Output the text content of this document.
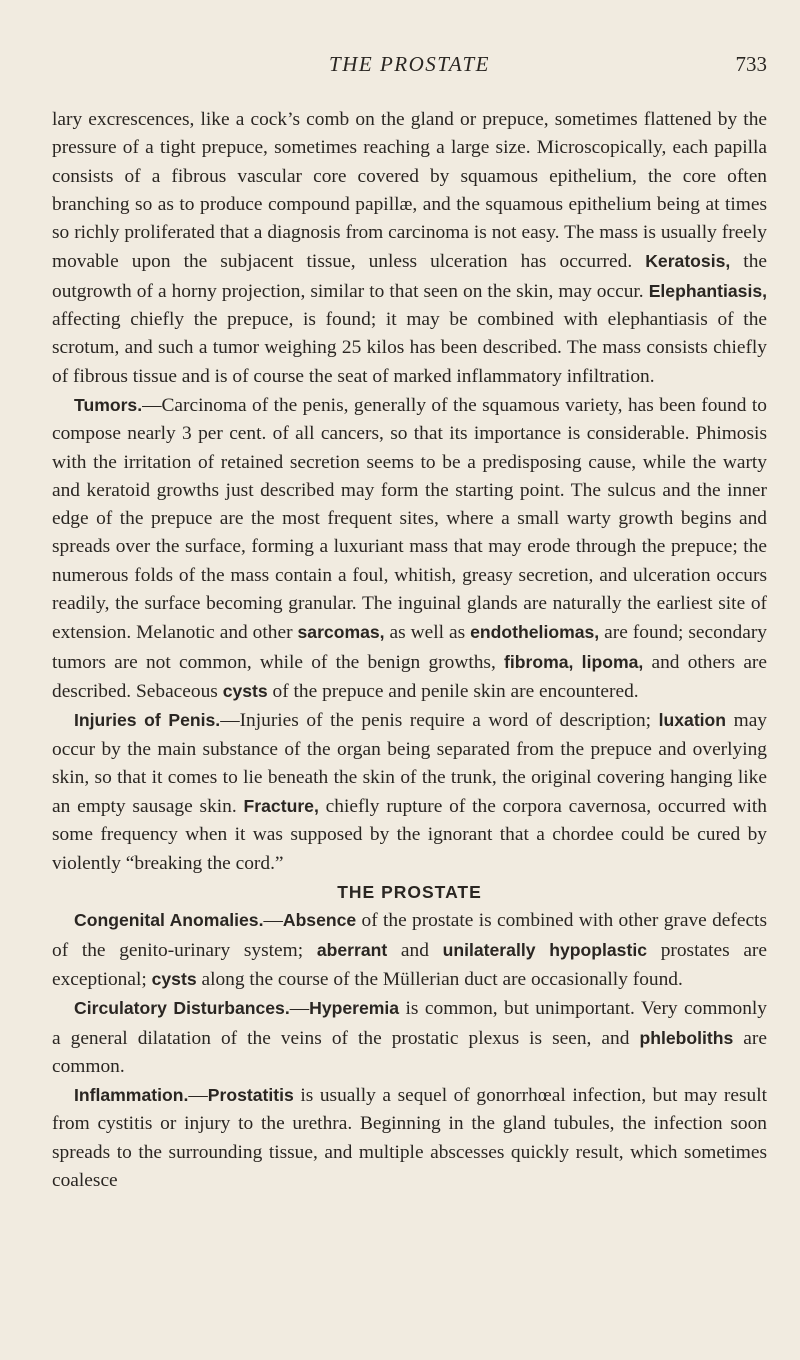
THE PROSTATE	733

lary excrescences, like a cock’s comb on the gland or prepuce, sometimes flattened by the pressure of a tight prepuce, sometimes reaching a large size. Microscopically, each papilla consists of a fibrous vascular core covered by squamous epithelium, the core often branching so as to produce compound papillæ, and the squamous epithelium being at times so richly proliferated that a diagnosis from carcinoma is not easy. The mass is usually freely movable upon the subjacent tissue, unless ulceration has occurred. Keratosis, the outgrowth of a horny projection, similar to that seen on the skin, may occur. Elephantiasis, affecting chiefly the prepuce, is found; it may be combined with elephantiasis of the scrotum, and such a tumor weighing 25 kilos has been described. The mass consists chiefly of fibrous tissue and is of course the seat of marked inflammatory infiltration.

Tumors.—Carcinoma of the penis, generally of the squamous variety, has been found to compose nearly 3 per cent. of all cancers, so that its importance is considerable. Phimosis with the irritation of retained secretion seems to be a predisposing cause, while the warty and keratoid growths just described may form the starting point. The sulcus and the inner edge of the prepuce are the most frequent sites, where a small warty growth begins and spreads over the surface, forming a luxuriant mass that may erode through the prepuce; the numerous folds of the mass contain a foul, whitish, greasy secretion, and ulceration occurs readily, the surface becoming granular. The inguinal glands are naturally the earliest site of extension. Melanotic and other sarcomas, as well as endotheliomas, are found; secondary tumors are not common, while of the benign growths, fibroma, lipoma, and others are described. Sebaceous cysts of the prepuce and penile skin are encountered.

Injuries of Penis.—Injuries of the penis require a word of description; luxation may occur by the main substance of the organ being separated from the prepuce and overlying skin, so that it comes to lie beneath the skin of the trunk, the original covering hanging like an empty sausage skin. Fracture, chiefly rupture of the corpora cavernosa, occurred with some frequency when it was supposed by the ignorant that a chordee could be cured by violently “breaking the cord.”

THE PROSTATE

Congenital Anomalies.—Absence of the prostate is combined with other grave defects of the genito-urinary system; aberrant and unilaterally hypoplastic prostates are exceptional; cysts along the course of the Müllerian duct are occasionally found.

Circulatory Disturbances.—Hyperemia is common, but unimportant. Very commonly a general dilatation of the veins of the prostatic plexus is seen, and phleboliths are common.

Inflammation.—Prostatitis is usually a sequel of gonorrhœal infection, but may result from cystitis or injury to the urethra. Beginning in the gland tubules, the infection soon spreads to the surrounding tissue, and multiple abscesses quickly result, which sometimes coalesce
